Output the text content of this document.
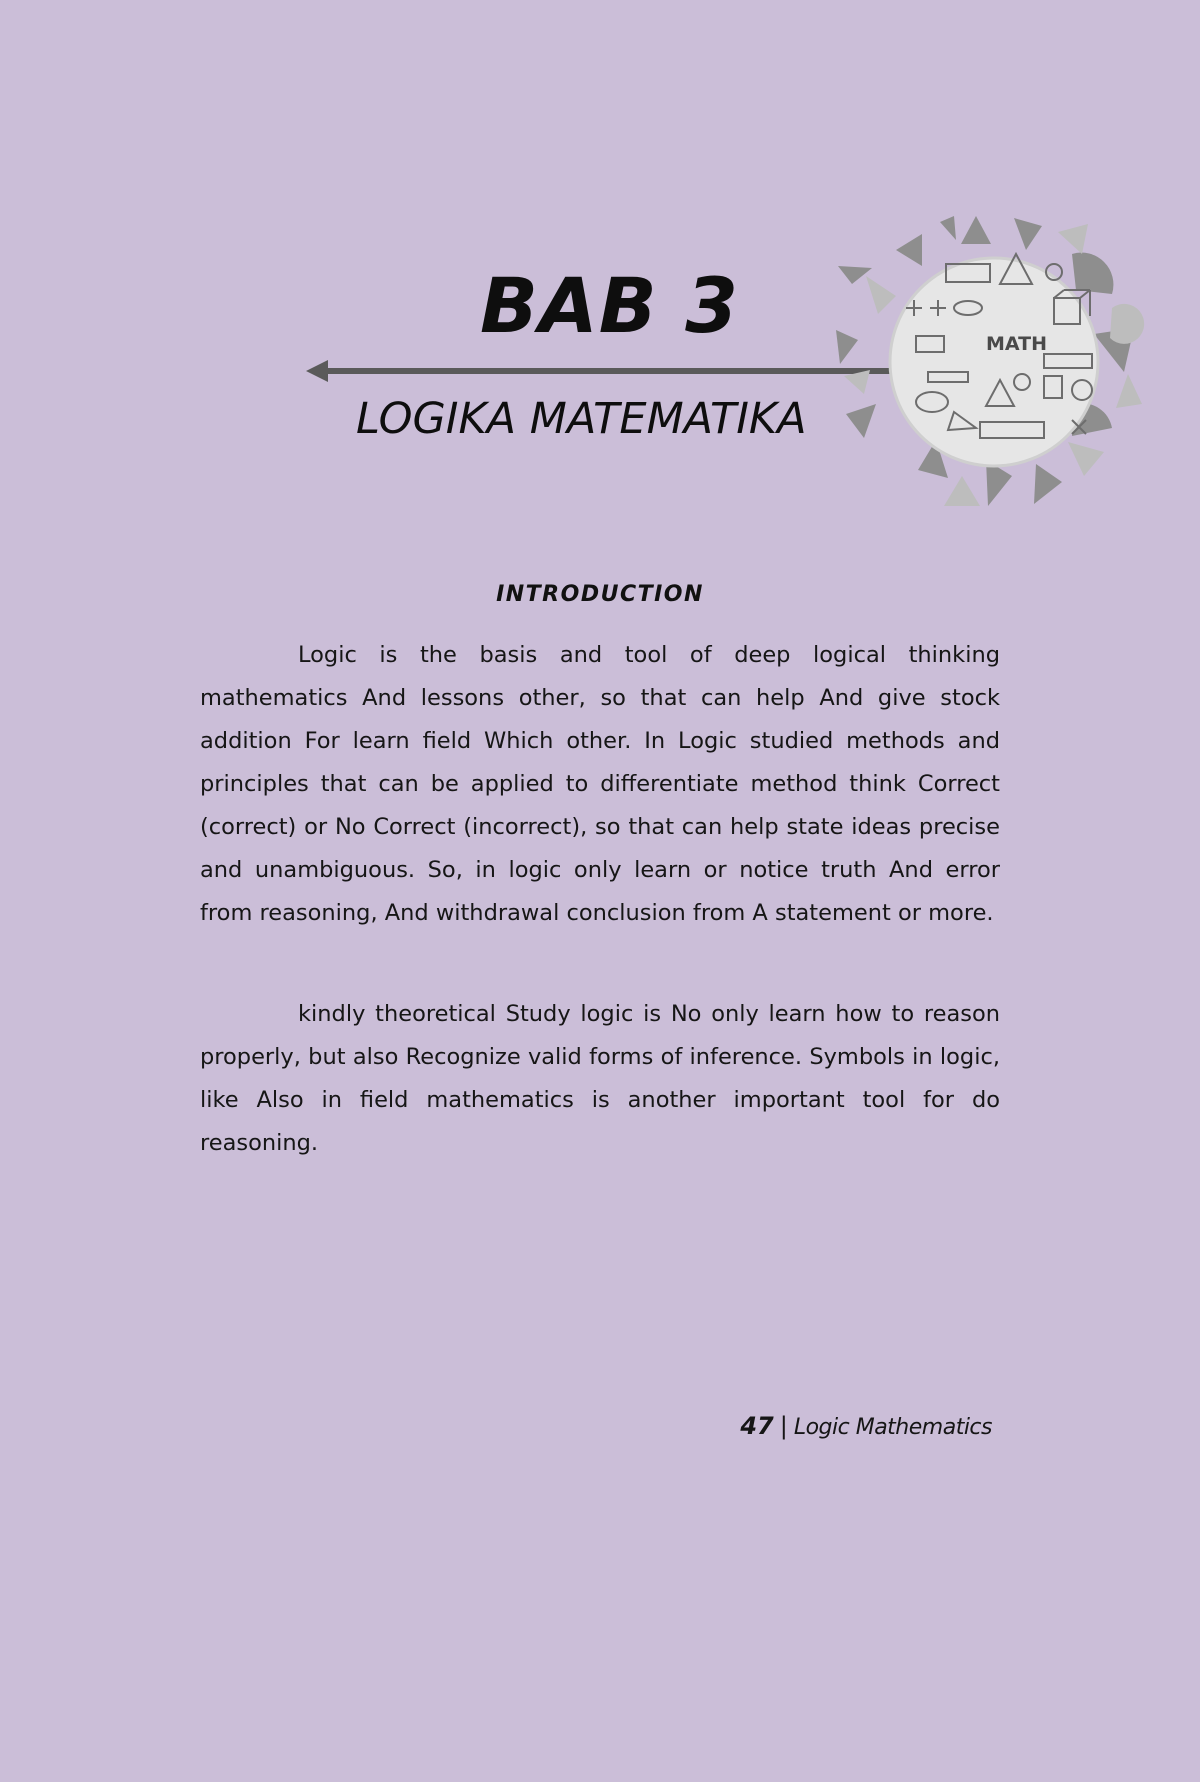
BAB 3
LOGIKA MATEMATIKA
MATH
INTRODUCTION

Logic is the basis and tool of deep logical thinking mathematics And lessons other, so that can help And give stock addition For learn field Which other. In Logic studied methods and principles that can be applied to differentiate method think Correct (correct) or No Correct (incorrect), so that can help state ideas precise and unambiguous. So, in logic only learn or notice truth And error from reasoning, And withdrawal conclusion from A statement or more.

kindly theoretical Study logic is No only learn how to reason properly, but also Recognize valid forms of inference. Symbols in logic, like Also in field mathematics is another important tool for do reasoning.

47 | Logic Mathematics
